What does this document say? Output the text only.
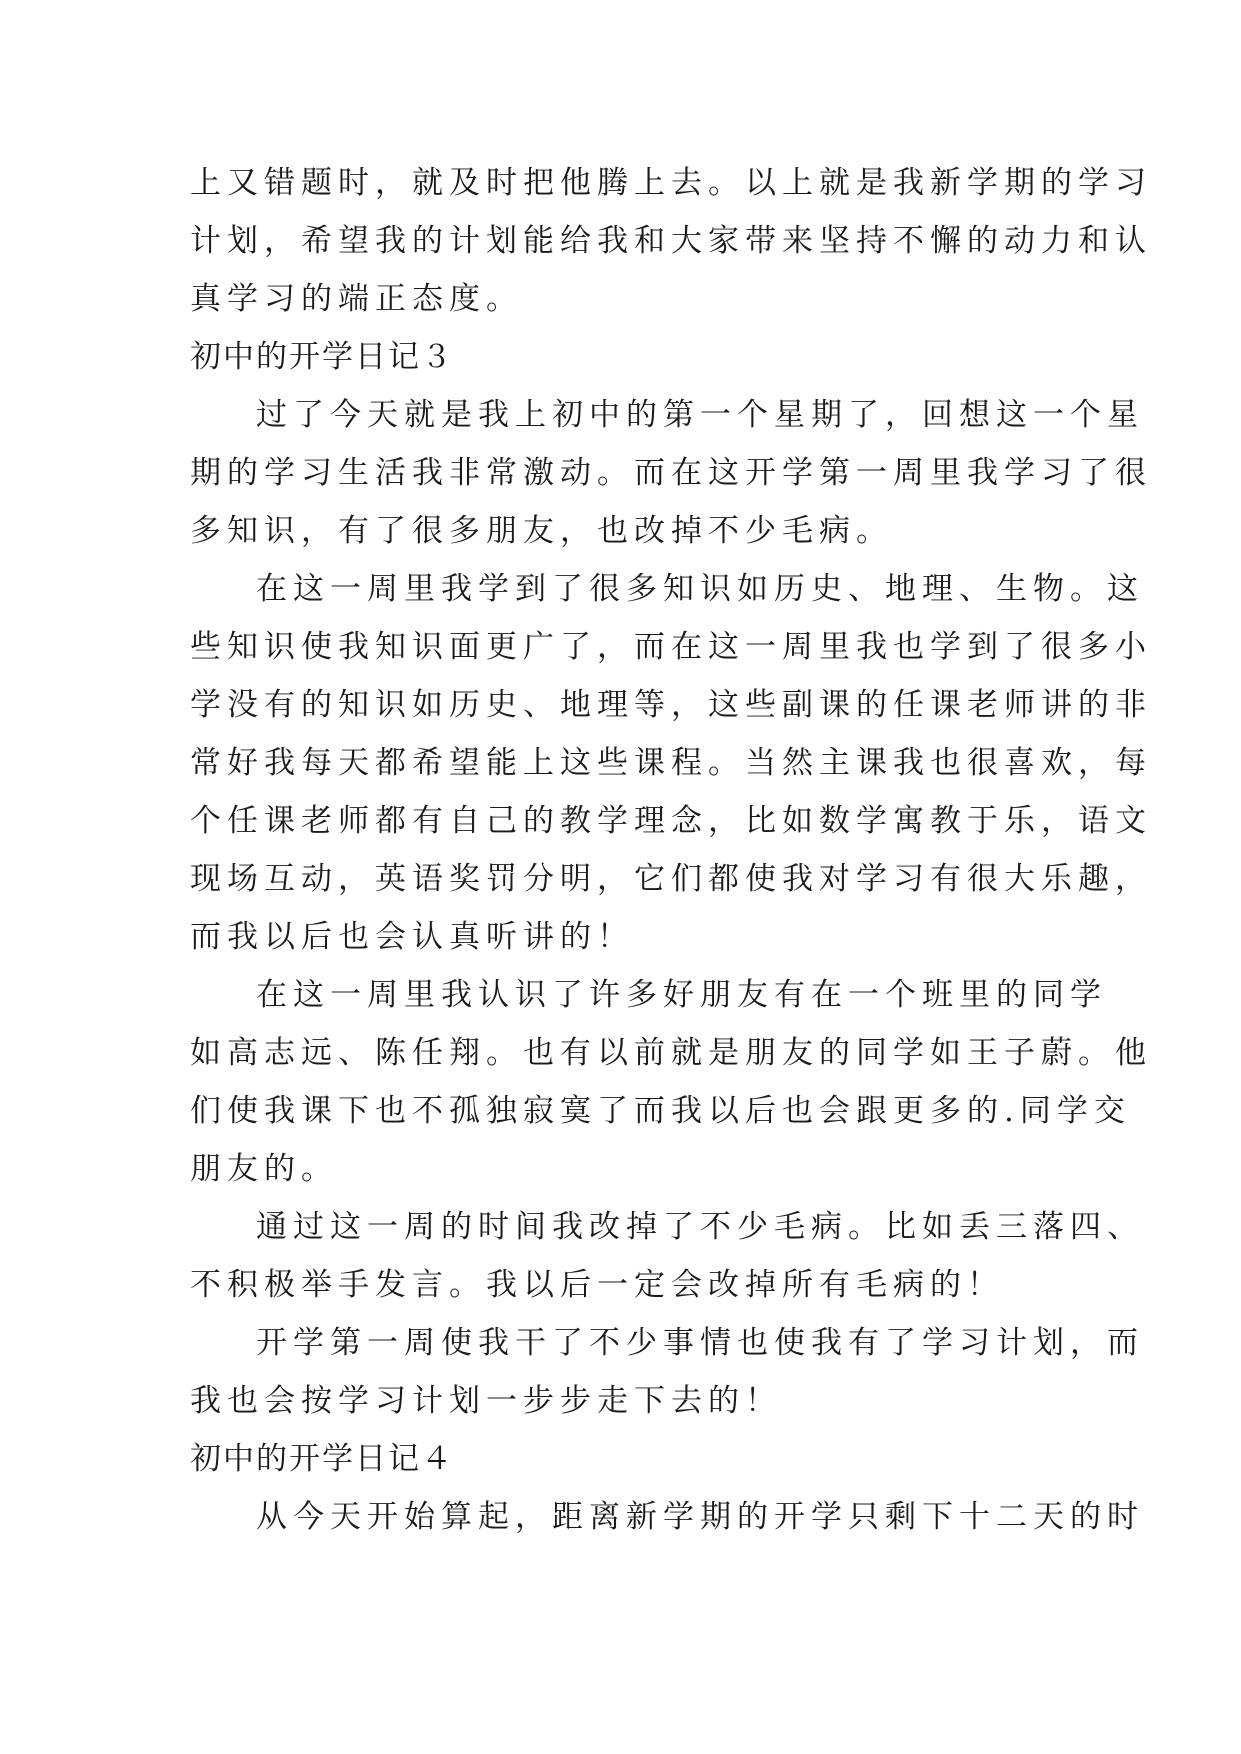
上又错题时，就及时把他腾上去。以上就是我新学期的学习
计划，希望我的计划能给我和大家带来坚持不懈的动力和认
真学习的端正态度。
初中的开学日记３
过了今天就是我上初中的第一个星期了，回想这一个星
期的学习生活我非常激动。而在这开学第一周里我学习了很
多知识，有了很多朋友，也改掉不少毛病。
在这一周里我学到了很多知识如历史、地理、生物。这
些知识使我知识面更广了，而在这一周里我也学到了很多小
学没有的知识如历史、地理等，这些副课的任课老师讲的非
常好我每天都希望能上这些课程。当然主课我也很喜欢，每
个任课老师都有自己的教学理念，比如数学寓教于乐，语文
现场互动，英语奖罚分明，它们都使我对学习有很大乐趣，
而我以后也会认真听讲的！
在这一周里我认识了许多好朋友有在一个班里的同学
如高志远、陈任翔。也有以前就是朋友的同学如王子蔚。他
们使我课下也不孤独寂寞了而我以后也会跟更多的.同学交
朋友的。
通过这一周的时间我改掉了不少毛病。比如丢三落四、
不积极举手发言。我以后一定会改掉所有毛病的！
开学第一周使我干了不少事情也使我有了学习计划，而
我也会按学习计划一步步走下去的！
初中的开学日记４
从今天开始算起，距离新学期的开学只剩下十二天的时
